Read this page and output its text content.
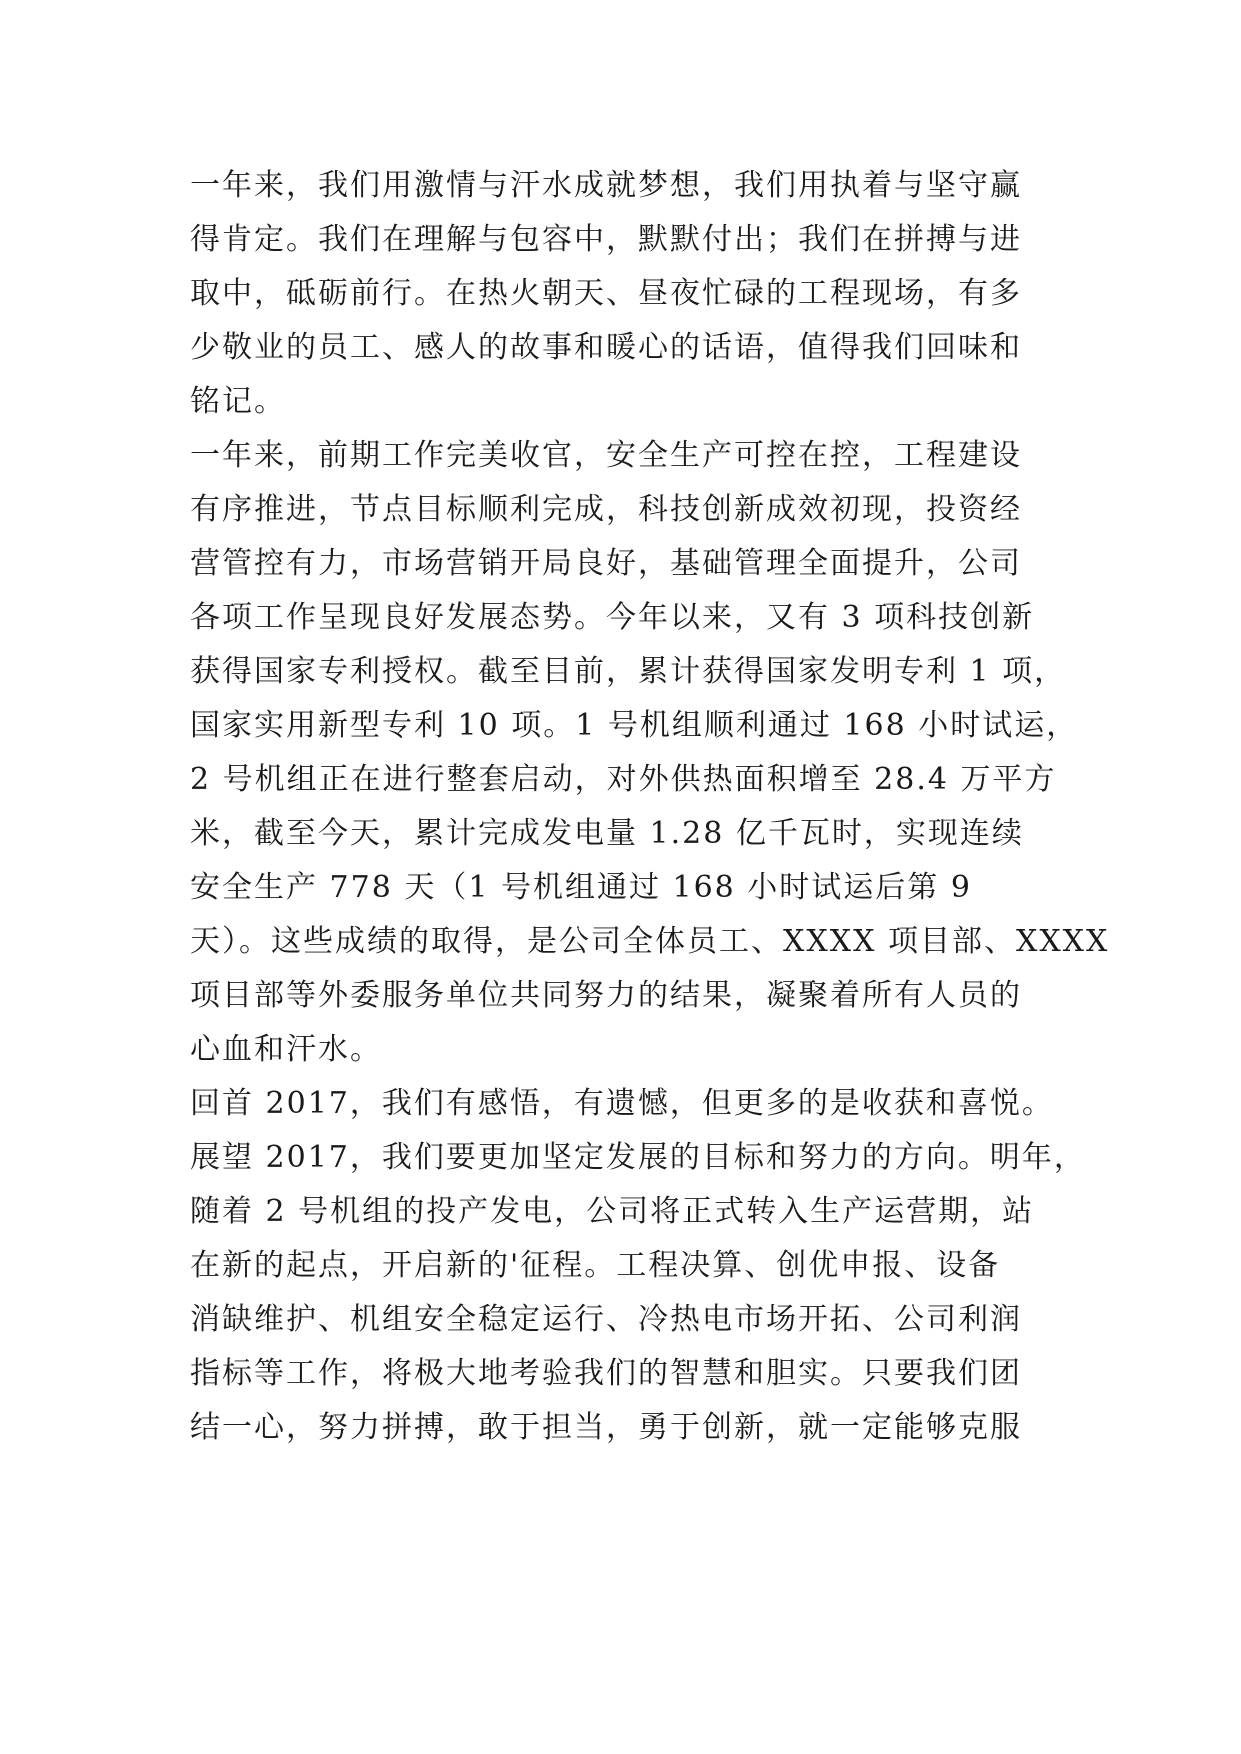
一年来，我们用激情与汗水成就梦想，我们用执着与坚守赢
得肯定。我们在理解与包容中，默默付出；我们在拼搏与进
取中，砥砺前行。在热火朝天、昼夜忙碌的工程现场，有多
少敬业的员工、感人的故事和暖心的话语，值得我们回味和
铭记。
一年来，前期工作完美收官，安全生产可控在控，工程建设
有序推进，节点目标顺利完成，科技创新成效初现，投资经
营管控有力，市场营销开局良好，基础管理全面提升，公司
各项工作呈现良好发展态势。今年以来，又有 3 项科技创新
获得国家专利授权。截至目前，累计获得国家发明专利 1 项，
国家实用新型专利 10 项。1 号机组顺利通过 168 小时试运，
2 号机组正在进行整套启动，对外供热面积增至 28.4 万平方
米，截至今天，累计完成发电量 1.28 亿千瓦时，实现连续
安全生产 778 天（1 号机组通过 168 小时试运后第 9
天）。这些成绩的取得，是公司全体员工、XXXX 项目部、XXXX
项目部等外委服务单位共同努力的结果，凝聚着所有人员的
心血和汗水。
回首 2017，我们有感悟，有遗憾，但更多的是收获和喜悦。
展望 2017，我们要更加坚定发展的目标和努力的方向。明年，
随着 2 号机组的投产发电，公司将正式转入生产运营期，站
在新的起点，开启新的'征程。工程决算、创优申报、设备
消缺维护、机组安全稳定运行、冷热电市场开拓、公司利润
指标等工作，将极大地考验我们的智慧和胆实。只要我们团
结一心，努力拼搏，敢于担当，勇于创新，就一定能够克服
